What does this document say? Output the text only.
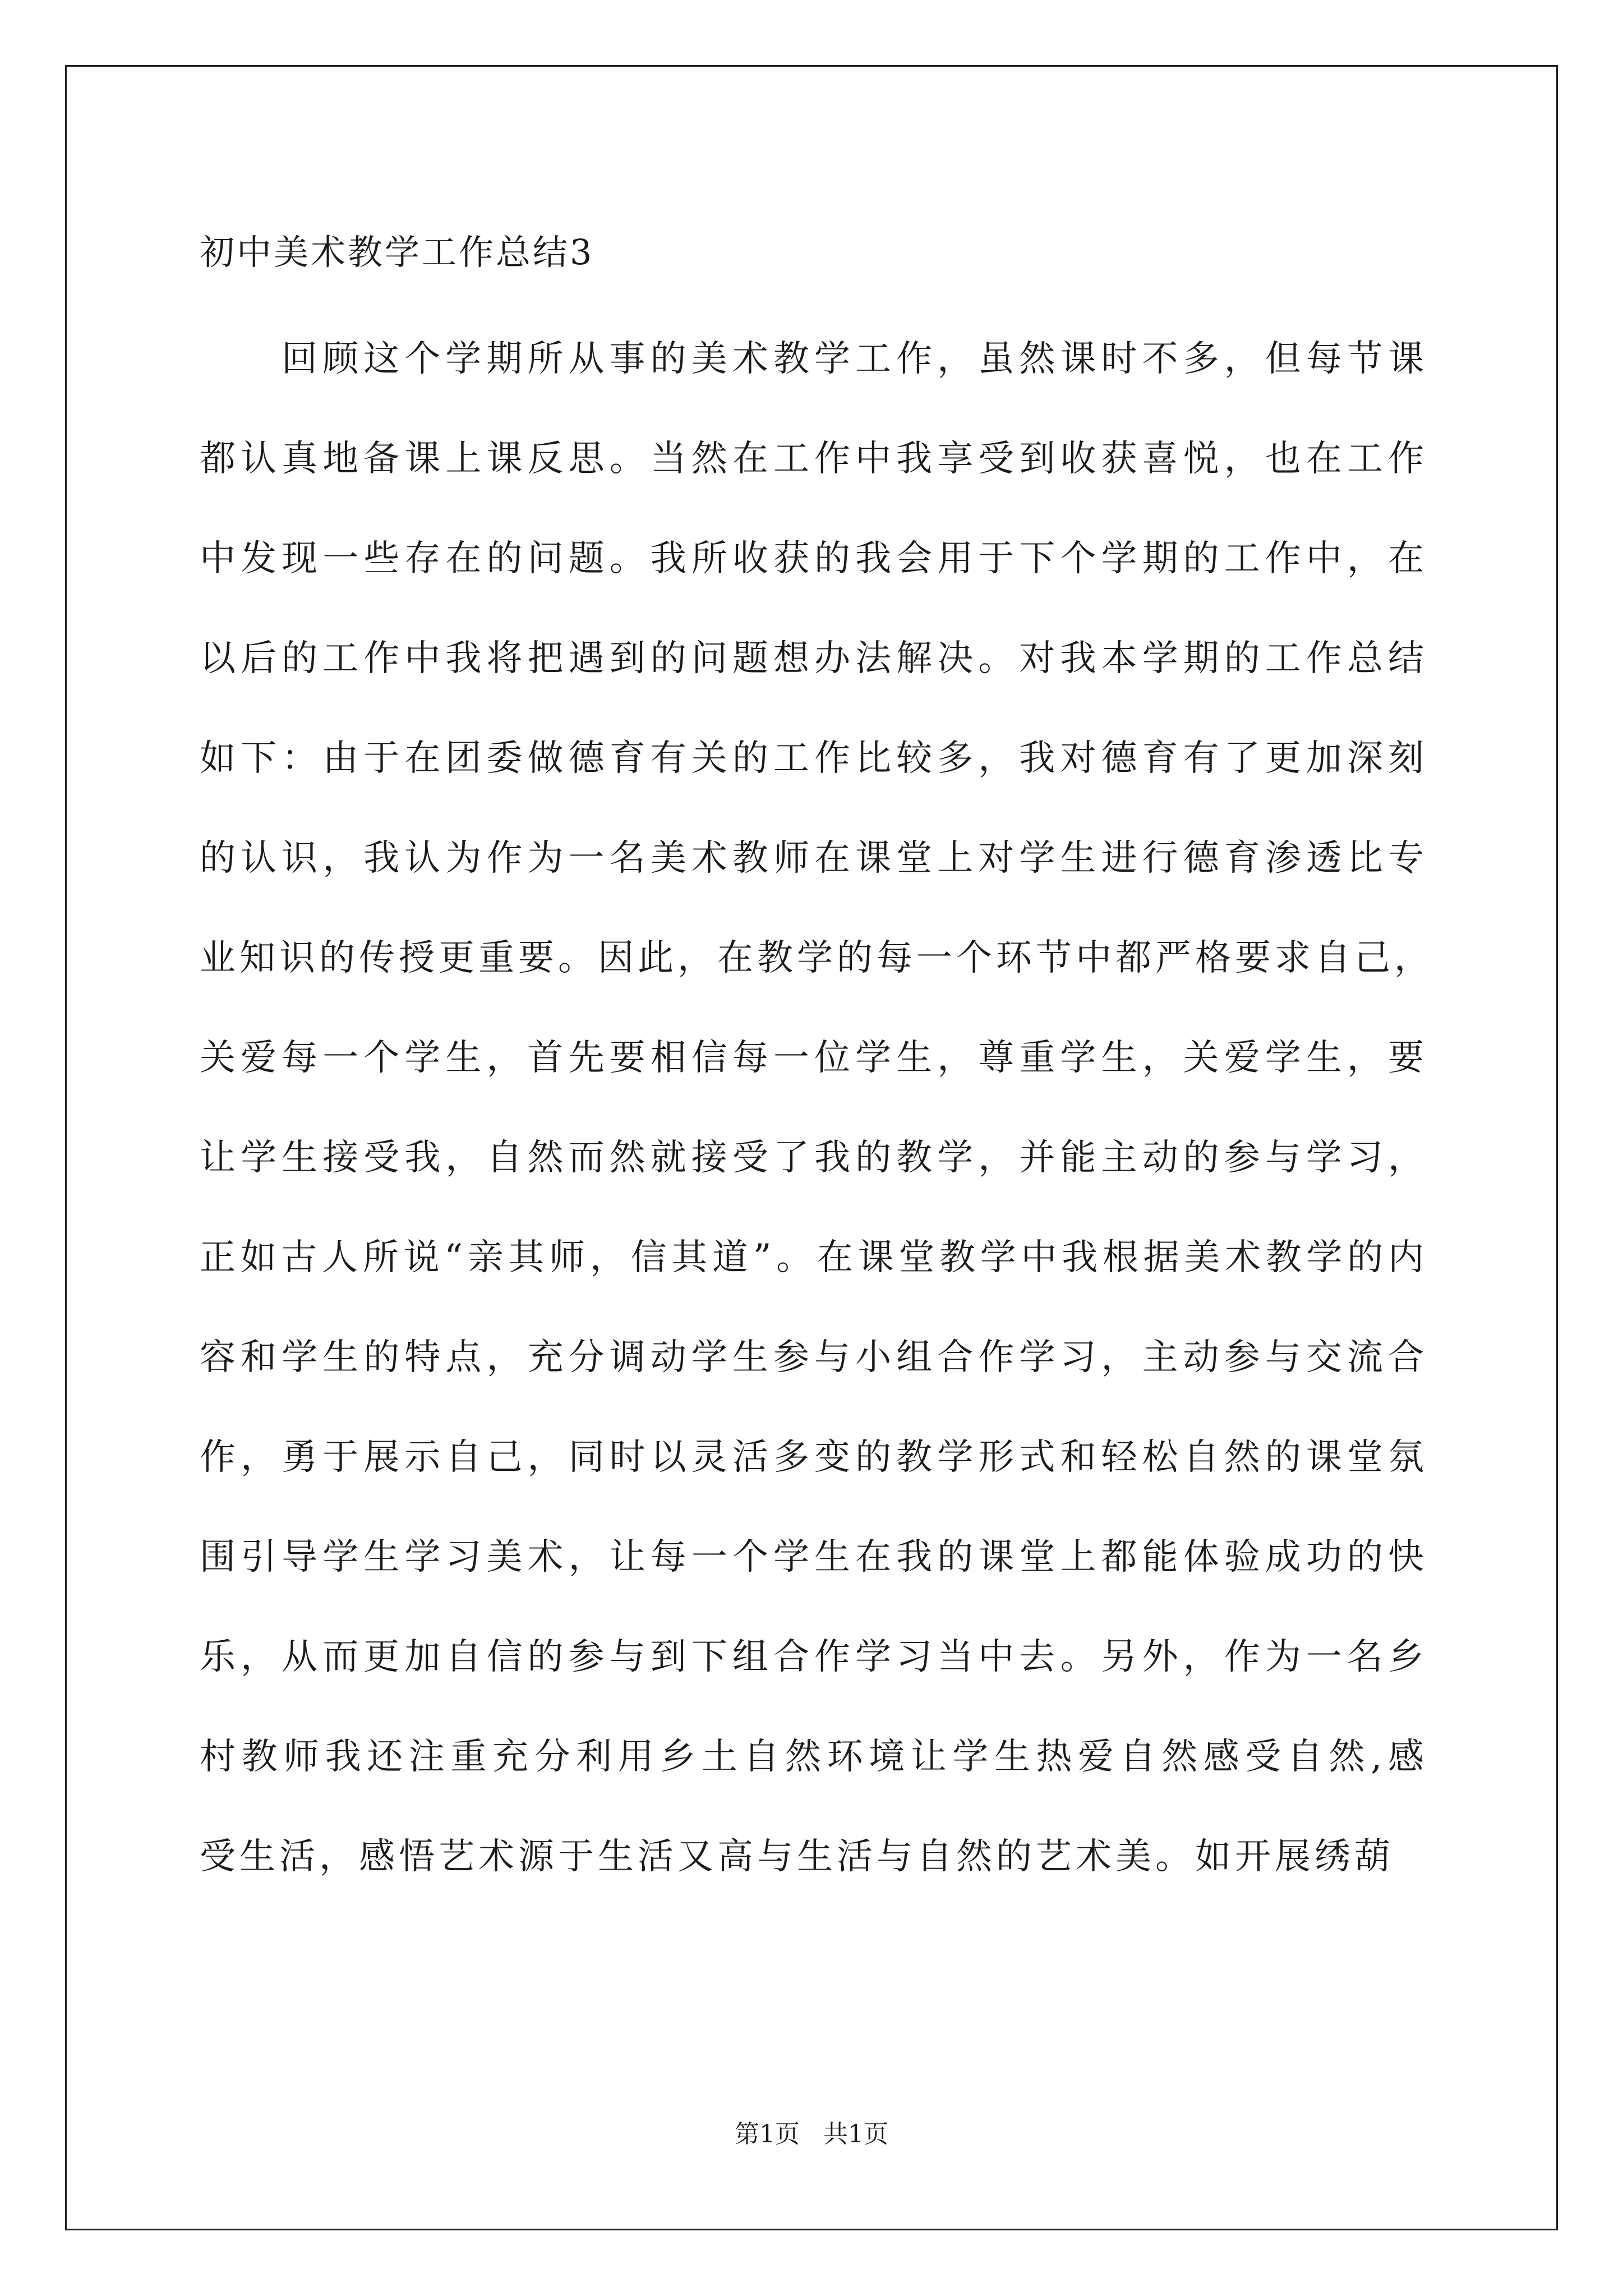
初中美术教学工作总结3
回顾这个学期所从事的美术教学工作，虽然课时不多，但每节课
都认真地备课上课反思。当然在工作中我享受到收获喜悦，也在工作
中发现一些存在的问题。我所收获的我会用于下个学期的工作中，在
以后的工作中我将把遇到的问题想办法解决。对我本学期的工作总结
如下：由于在团委做德育有关的工作比较多，我对德育有了更加深刻
的认识，我认为作为一名美术教师在课堂上对学生进行德育渗透比专
业知识的传授更重要。因此，在教学的每一个环节中都严格要求自己，
关爱每一个学生，首先要相信每一位学生，尊重学生，关爱学生，要
让学生接受我，自然而然就接受了我的教学，并能主动的参与学习，
正如古人所说“亲其师，信其道”。在课堂教学中我根据美术教学的内
容和学生的特点，充分调动学生参与小组合作学习，主动参与交流合
作，勇于展示自己，同时以灵活多变的教学形式和轻松自然的课堂氛
围引导学生学习美术，让每一个学生在我的课堂上都能体验成功的快
乐，从而更加自信的参与到下组合作学习当中去。另外，作为一名乡
村教师我还注重充分利用乡土自然环境让学生热爱自然感受自然,感
受生活，感悟艺术源于生活又高与生活与自然的艺术美。如开展绣葫
第1页   共1页
